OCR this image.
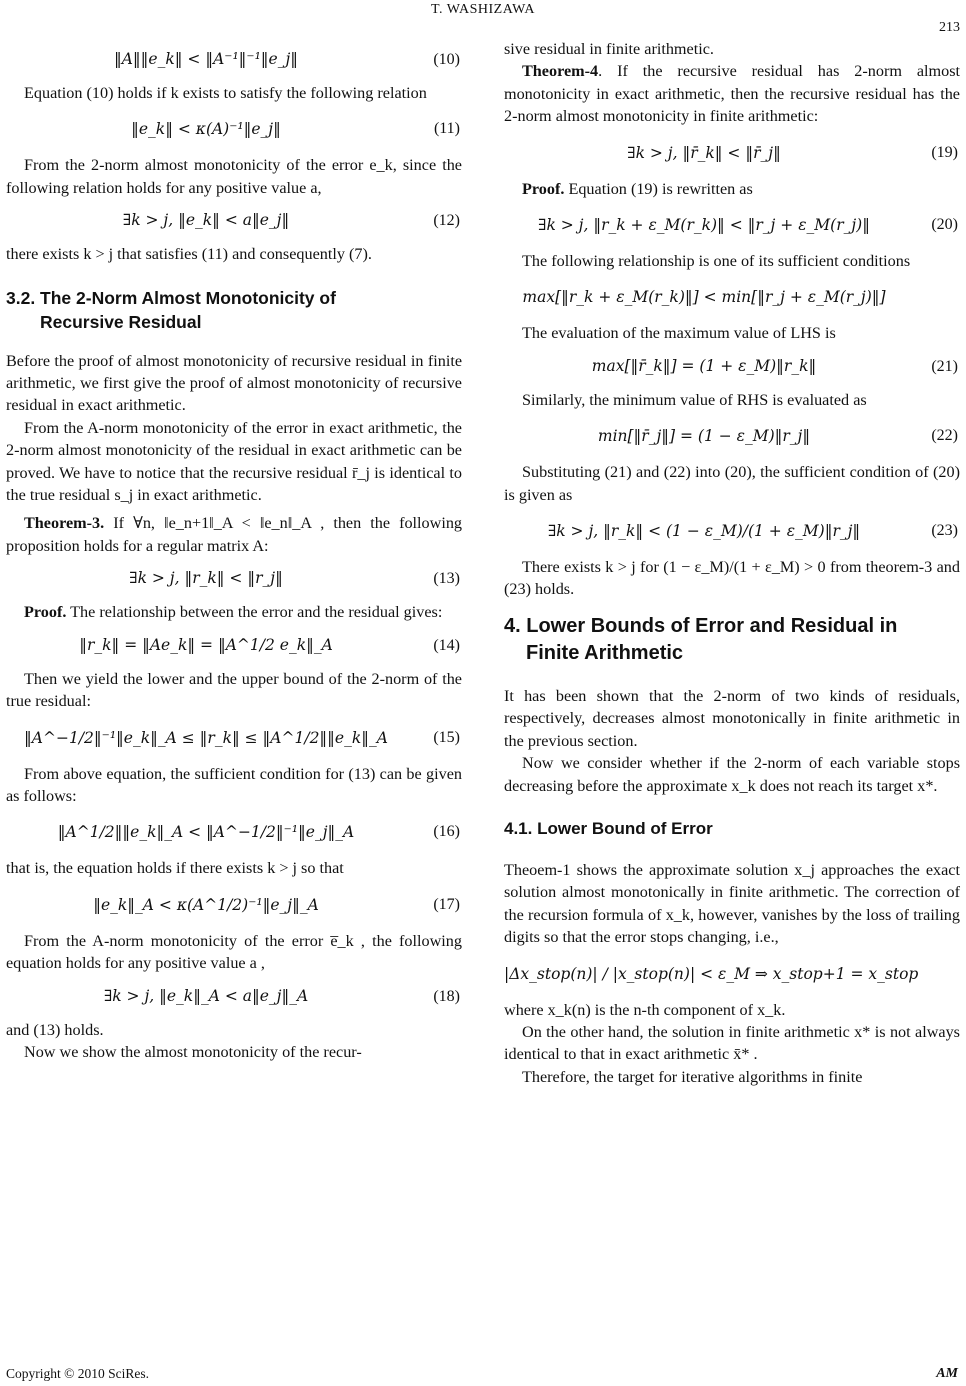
T. WASHIZAWA
213
‖A‖‖e_k‖ < ‖A⁻¹‖⁻¹‖e_j‖	(10)

Equation (10) holds if k exists to satisfy the following relation

‖e_k‖ < κ(A)⁻¹‖e_j‖	(11)

From the 2-norm almost monotonicity of the error e_k, since the following relation holds for any positive value a,

∃k > j, ‖e_k‖ < a‖e_j‖	(12)

there exists k > j that satisfies (11) and consequently (7).

3.2. The 2-Norm Almost Monotonicity of
Recursive Residual

Before the proof of almost monotonicity of recursive residual in finite arithmetic, we first give the proof of almost monotonicity of recursive residual in exact arithmetic.

From the A-norm monotonicity of the error in exact arithmetic, the 2-norm almost monotonicity of the residual in exact arithmetic can be proved. We have to notice that the recursive residual r̄_j is identical to the true residual s_j in exact arithmetic.

Theorem-3. If ∀n, ‖e_n+1‖_A < ‖e_n‖_A , then the following proposition holds for a regular matrix A:

∃k > j, ‖r_k‖ < ‖r_j‖	(13)

Proof. The relationship between the error and the residual gives:

‖r_k‖ = ‖Ae_k‖ = ‖A^1/2 e_k‖_A	(14)

Then we yield the lower and the upper bound of the 2-norm of the true residual:

‖A^−1/2‖⁻¹‖e_k‖_A ≤ ‖r_k‖ ≤ ‖A^1/2‖‖e_k‖_A	(15)

From above equation, the sufficient condition for (13) can be given as follows:

‖A^1/2‖‖e_k‖_A < ‖A^−1/2‖⁻¹‖e_j‖_A	(16)

that is, the equation holds if there exists k > j so that

‖e_k‖_A < κ(A^1/2)⁻¹‖e_j‖_A	(17)

From the A-norm monotonicity of the error e̅_k , the following equation holds for any positive value a ,

∃k > j, ‖e_k‖_A < a‖e_j‖_A	(18)

and (13) holds.

Now we show the almost monotonicity of the recur-

sive residual in finite arithmetic.

Theorem-4. If the recursive residual has 2-norm almost monotonicity in exact arithmetic, then the recursive residual has the 2-norm almost monotonicity in finite arithmetic:

∃k > j, ‖r̄_k‖ < ‖r̄_j‖	(19)

Proof. Equation (19) is rewritten as

∃k > j, ‖r_k + ε_M(r_k)‖ < ‖r_j + ε_M(r_j)‖	(20)

The following relationship is one of its sufficient conditions

max[‖r_k + ε_M(r_k)‖] < min[‖r_j + ε_M(r_j)‖]

The evaluation of the maximum value of LHS is

max[‖r̄_k‖] = (1 + ε_M)‖r_k‖	(21)

Similarly, the minimum value of RHS is evaluated as

min[‖r̄_j‖] = (1 − ε_M)‖r_j‖	(22)

Substituting (21) and (22) into (20), the sufficient condition of (20) is given as

∃k > j, ‖r_k‖ < (1 − ε_M)/(1 + ε_M)‖r_j‖	(23)

There exists k > j for (1 − ε_M)/(1 + ε_M) > 0 from theorem-3 and (23) holds.

4. Lower Bounds of Error and Residual in
Finite Arithmetic

It has been shown that the 2-norm of two kinds of residuals, respectively, decreases almost monotonically in finite arithmetic in the previous section.

Now we consider whether if the 2-norm of each variable stops decreasing before the approximate x_k does not reach its target x*.

4.1. Lower Bound of Error

Theoem-1 shows the approximate solution x_j approaches the exact solution almost monotonically in finite arithmetic. The correction of the recursion formula of x_k, however, vanishes by the loss of trailing digits so that the error stops changing, i.e.,

|Δx_stop(n)| / |x_stop(n)| < ε_M ⇒ x_stop+1 = x_stop

where x_k(n) is the n-th component of x_k.

On the other hand, the solution in finite arithmetic x* is not always identical to that in exact arithmetic x̄* .

Therefore, the target for iterative algorithms in finite

Copyright © 2010 SciRes.	AM
